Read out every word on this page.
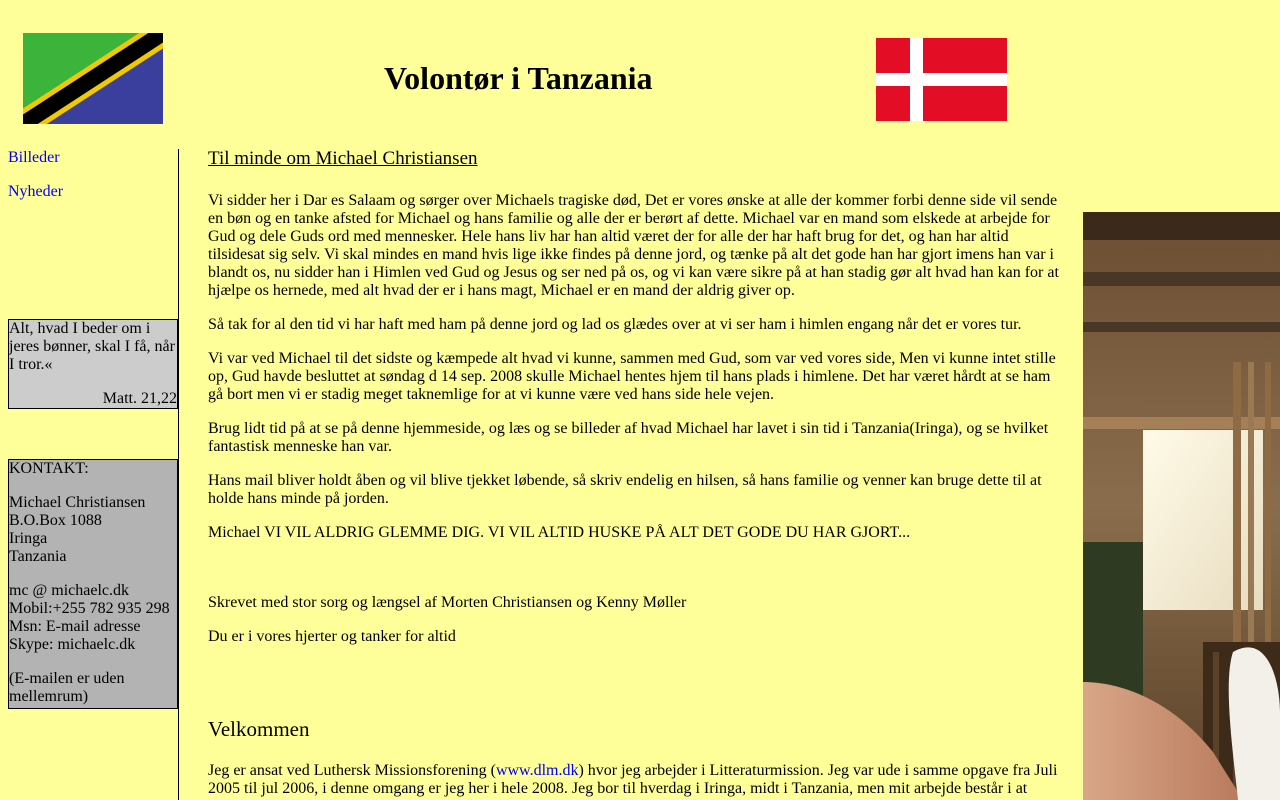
Volontør i Tanzania
Billeder
Nyheder
Alt, hvad I beder om i jeres bønner, skal I få, når I tror.«
Matt. 21,22
KONTAKT:
Michael Christiansen
B.O.Box 1088
Iringa
Tanzania
mc @ michaelc.dk
Mobil:+255 782 935 298
Msn: E-mail adresse
Skype: michaelc.dk
(E-mailen er uden mellemrum)
Til minde om Michael Christiansen

Vi sidder her i Dar es Salaam og sørger over Michaels tragiske død, Det er vores ønske at alle der kommer forbi denne side vil sende en bøn og en tanke afsted for Michael og hans familie og alle der er berørt af dette. Michael var en mand som elskede at arbejde for Gud og dele Guds ord med mennesker. Hele hans liv har han altid været der for alle der har haft brug for det, og han har altid tilsidesat sig selv. Vi skal mindes en mand hvis lige ikke findes på denne jord, og tænke på alt det gode han har gjort imens han var i blandt os, nu sidder han i Himlen ved Gud og Jesus og ser ned på os, og vi kan være sikre på at han stadig gør alt hvad han kan for at hjælpe os hernede, med alt hvad der er i hans magt, Michael er en mand der aldrig giver op.

Så tak for al den tid vi har haft med ham på denne jord og lad os glædes over at vi ser ham i himlen engang når det er vores tur.

Vi var ved Michael til det sidste og kæmpede alt hvad vi kunne, sammen med Gud, som var ved vores side, Men vi kunne intet stille op, Gud havde besluttet at søndag d 14 sep. 2008 skulle Michael hentes hjem til hans plads i himlene. Det har været hårdt at se ham gå bort men vi er stadig meget taknemlige for at vi kunne være ved hans side hele vejen.

Brug lidt tid på at se på denne hjemmeside, og læs og se billeder af hvad Michael har lavet i sin tid i Tanzania(Iringa), og se hvilket fantastisk menneske han var.

Hans mail bliver holdt åben og vil blive tjekket løbende, så skriv endelig en hilsen, så hans familie og venner kan bruge dette til at holde hans minde på jorden.

Michael VI VIL ALDRIG GLEMME DIG. VI VIL ALTID HUSKE PÅ ALT DET GODE DU HAR GJORT...

Skrevet med stor sorg og længsel af Morten Christiansen og Kenny Møller

Du er i vores hjerter og tanker for altid

Velkommen

Jeg er ansat ved Luthersk Missionsforening (www.dlm.dk) hvor jeg arbejder i Litteraturmission. Jeg var ude i samme opgave fra Juli 2005 til jul 2006, i denne omgang er jeg her i hele 2008. Jeg bor til hverdag i Iringa, midt i Tanzania, men mit arbejde består i at
